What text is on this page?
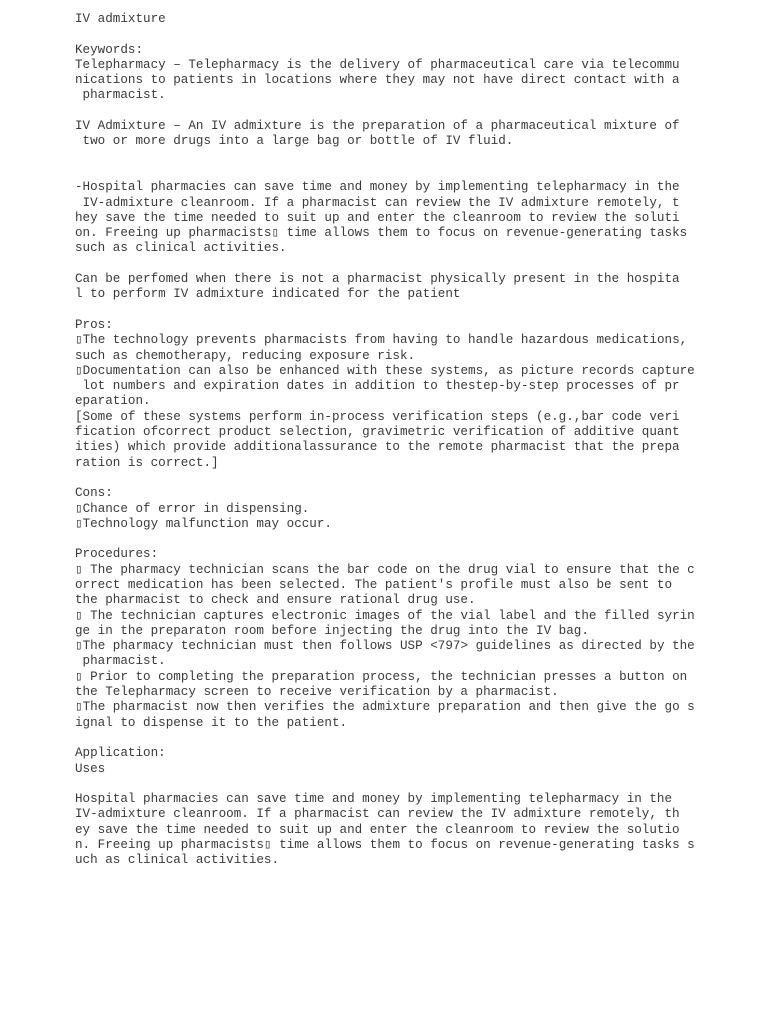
IV admixture
Keywords:
Telepharmacy – Telepharmacy is the delivery of pharmaceutical care via telecommu
nications to patients in locations where they may not have direct contact with a
pharmacist.
IV Admixture – An IV admixture is the preparation of a pharmaceutical mixture of
two or more drugs into a large bag or bottle of IV fluid.
-Hospital pharmacies can save time and money by implementing telepharmacy in the
IV-admixture cleanroom. If a pharmacist can review the IV admixture remotely, t
hey save the time needed to suit up and enter the cleanroom to review the soluti
on. Freeing up pharmacists▯ time allows them to focus on revenue-generating tasks
such as clinical activities.
Can be perfomed when there is not a pharmacist physically present in the hospita
l to perform IV admixture indicated for the patient
Pros:
▯The technology prevents pharmacists from having to handle hazardous medications,
such as chemotherapy, reducing exposure risk.
▯Documentation can also be enhanced with these systems, as picture records capture
lot numbers and expiration dates in addition to thestep-by-step processes of pr
eparation.
[Some of these systems perform in-process verification steps (e.g.,bar code veri
fication ofcorrect product selection, gravimetric verification of additive quant
ities) which provide additionalassurance to the remote pharmacist that the prepa
ration is correct.]
Cons:
▯Chance of error in dispensing.
▯Technology malfunction may occur.
Procedures:
▯ The pharmacy technician scans the bar code on the drug vial to ensure that the c
orrect medication has been selected. The patient's profile must also be sent to
the pharmacist to check and ensure rational drug use.
▯ The technician captures electronic images of the vial label and the filled syrin
ge in the preparaton room before injecting the drug into the IV bag.
▯The pharmacy technician must then follows USP <797> guidelines as directed by the
pharmacist.
▯ Prior to completing the preparation process, the technician presses a button on
the Telepharmacy screen to receive verification by a pharmacist.
▯The pharmacist now then verifies the admixture preparation and then give the go s
ignal to dispense it to the patient.
Application:
Uses
Hospital pharmacies can save time and money by implementing telepharmacy in the
IV-admixture cleanroom. If a pharmacist can review the IV admixture remotely, th
ey save the time needed to suit up and enter the cleanroom to review the solutio
n. Freeing up pharmacists▯ time allows them to focus on revenue-generating tasks s
uch as clinical activities.
